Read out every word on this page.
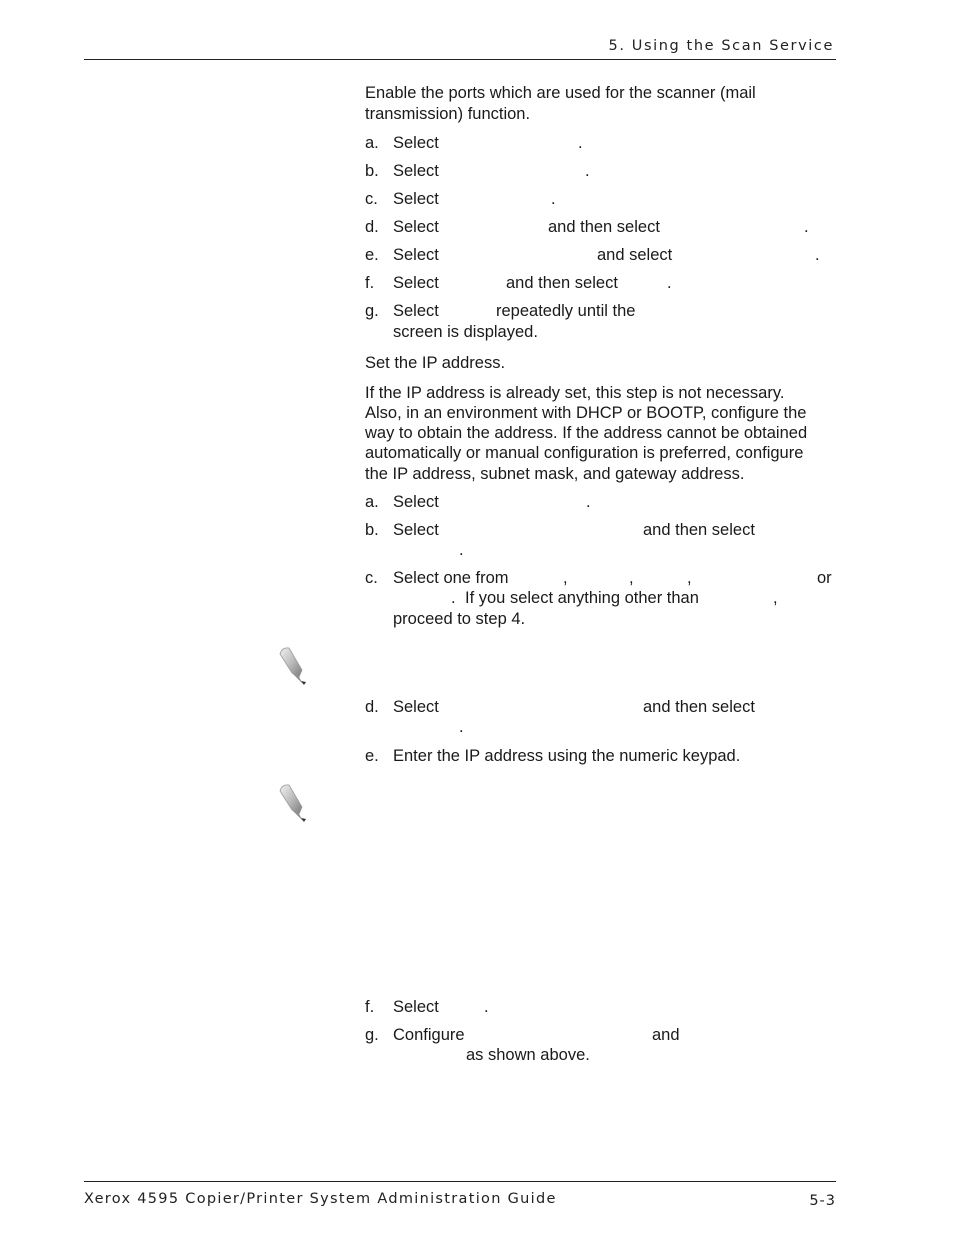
5. Using the Scan Service
Enable the ports which are used for the scanner (mail
transmission) function.
a. Select	.
b. Select	.
c. Select	.
d. Select	and then select	.
e. Select	and select	.
f. Select	and then select	.
g. Select	repeatedly until the
screen is displayed.
Set the IP address.
If the IP address is already set, this step is not necessary.
Also, in an environment with DHCP or BOOTP, configure the
way to obtain the address. If the address cannot be obtained
automatically or manual configuration is preferred, configure
the IP address, subnet mask, and gateway address.
a. Select	.
b. Select	and then select
.
c. Select one from	,	,	,	or
. If you select anything other than	,
proceed to step 4.
d. Select	and then select
.
e. Enter the IP address using the numeric keypad.
f. Select	.
g. Configure	and
as shown above.
Xerox 4595 Copier/Printer System Administration Guide	5-3
